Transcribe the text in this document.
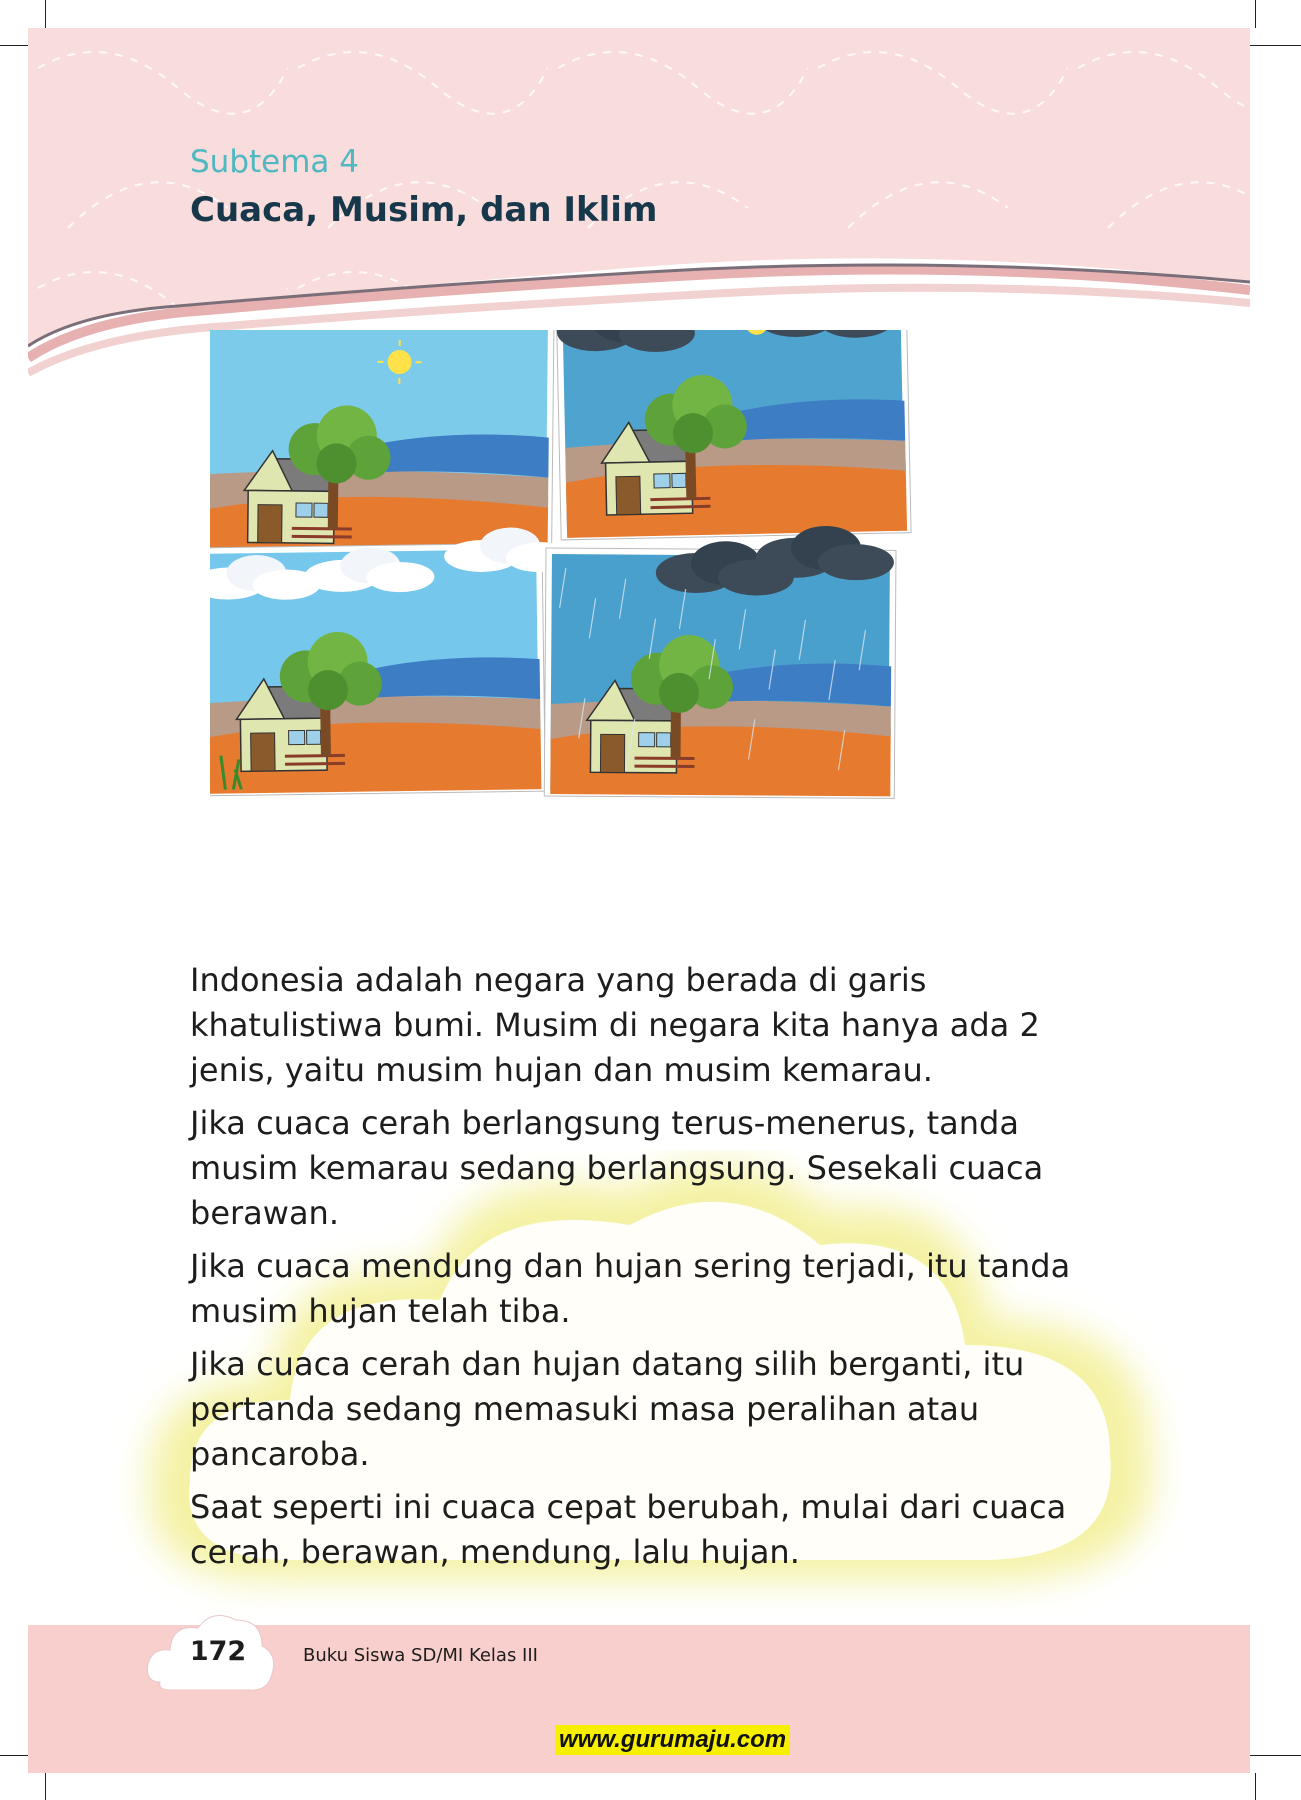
Subtema 4
Cuaca, Musim, dan Iklim

Indonesia adalah negara yang berada di garis khatulistiwa bumi. Musim di negara kita hanya ada 2 jenis, yaitu musim hujan dan musim kemarau.

Jika cuaca cerah berlangsung terus-menerus, tanda musim kemarau sedang berlangsung. Sesekali cuaca berawan.

Jika cuaca mendung dan hujan sering terjadi, itu tanda musim hujan telah tiba.

Jika cuaca cerah dan hujan datang silih berganti, itu pertanda sedang memasuki masa peralihan atau pancaroba.

Saat seperti ini cuaca cepat berubah, mulai dari cuaca cerah, berawan, mendung, lalu hujan.

172	Buku Siswa SD/MI Kelas III
www.gurumaju.com
